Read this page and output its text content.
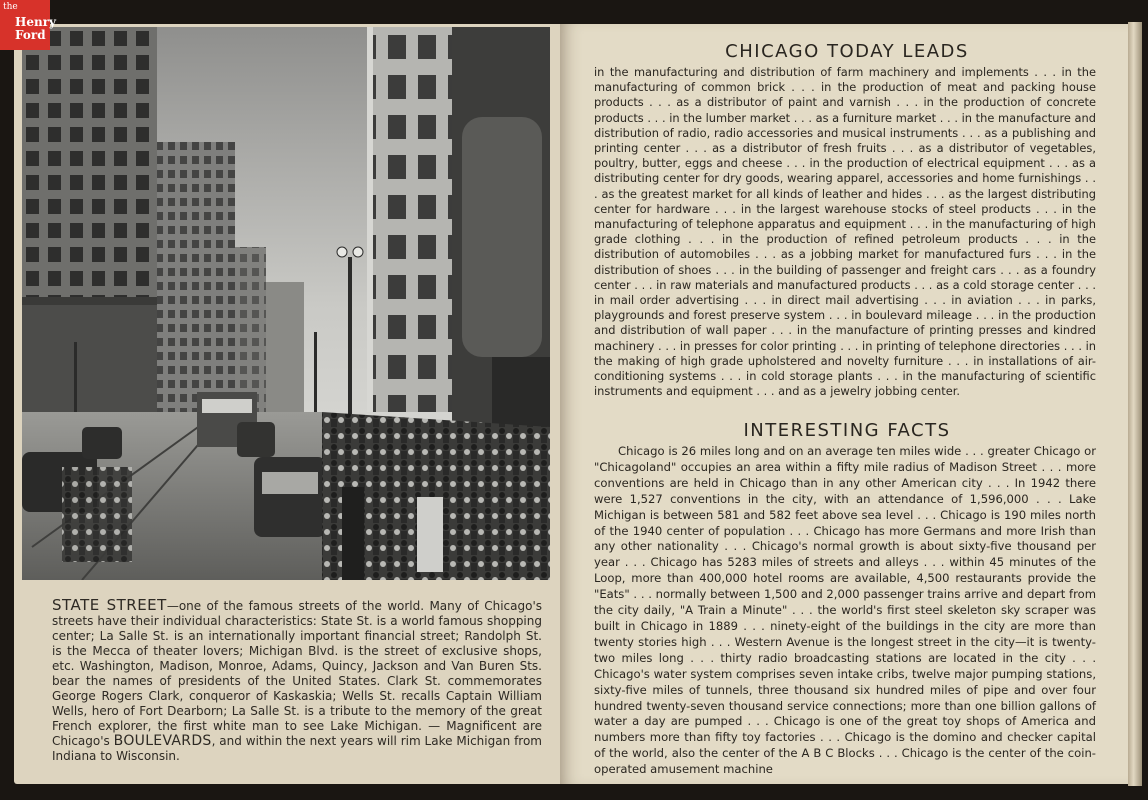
the
Henry
Ford
STATE STREET—one of the famous streets of the world. Many of Chicago's streets have their individual characteristics: State St. is a world famous shopping center; La Salle St. is an internationally important financial street; Randolph St. is the Mecca of theater lovers; Michigan Blvd. is the street of exclusive shops, etc. Washington, Madison, Monroe, Adams, Quincy, Jackson and Van Buren Sts. bear the names of presidents of the United States. Clark St. commemorates George Rogers Clark, conqueror of Kaskaskia; Wells St. recalls Captain William Wells, hero of Fort Dearborn; La Salle St. is a tribute to the memory of the great French explorer, the first white man to see Lake Michigan. — Magnificent are Chicago's BOULEVARDS, and within the next years will rim Lake Michigan from Indiana to Wisconsin.
CHICAGO TODAY LEADS
in the manufacturing and distribution of farm machinery and implements . . . in the manufacturing of common brick . . . in the production of meat and packing house products . . . as a distributor of paint and varnish . . . in the production of concrete products . . . in the lumber market . . . as a furniture market . . . in the manufacture and distribution of radio, radio accessories and musical instruments . . . as a publishing and printing center . . . as a distributor of fresh fruits . . . as a distributor of vegetables, poultry, butter, eggs and cheese . . . in the production of electrical equipment . . . as a distributing center for dry goods, wearing apparel, accessories and home furnishings . . . as the greatest market for all kinds of leather and hides . . . as the largest distributing center for hardware . . . in the largest warehouse stocks of steel products . . . in the manufacturing of telephone apparatus and equipment . . . in the manufacturing of high grade clothing . . . in the production of refined petroleum products . . . in the distribution of automobiles . . . as a jobbing market for manufactured furs . . . in the distribution of shoes . . . in the building of passenger and freight cars . . . as a foundry center . . . in raw materials and manufactured products . . . as a cold storage center . . . in mail order advertising . . . in direct mail advertising . . . in aviation . . . in parks, playgrounds and forest preserve system . . . in boulevard mileage . . . in the production and distribution of wall paper . . . in the manufacture of printing presses and kindred machinery . . . in presses for color printing . . . in printing of telephone directories . . . in the making of high grade upholstered and novelty furniture . . . in installations of air-conditioning systems . . . in cold storage plants . . . in the manufacturing of scientific instruments and equipment . . . and as a jewelry jobbing center.
INTERESTING FACTS
Chicago is 26 miles long and on an average ten miles wide . . . greater Chicago or "Chicagoland" occupies an area within a fifty mile radius of Madison Street . . . more conventions are held in Chicago than in any other American city . . . In 1942 there were 1,527 conventions in the city, with an attendance of 1,596,000 . . . Lake Michigan is between 581 and 582 feet above sea level . . . Chicago is 190 miles north of the 1940 center of population . . . Chicago has more Germans and more Irish than any other nationality . . . Chicago's normal growth is about sixty-five thousand per year . . . Chicago has 5283 miles of streets and alleys . . . within 45 minutes of the Loop, more than 400,000 hotel rooms are available, 4,500 restaurants provide the "Eats" . . . normally between 1,500 and 2,000 passenger trains arrive and depart from the city daily, "A Train a Minute" . . . the world's first steel skeleton sky scraper was built in Chicago in 1889 . . . ninety-eight of the buildings in the city are more than twenty stories high . . . Western Avenue is the longest street in the city—it is twenty-two miles long . . . thirty radio broadcasting stations are located in the city . . . Chicago's water system comprises seven intake cribs, twelve major pumping stations, sixty-five miles of tunnels, three thousand six hundred miles of pipe and over four hundred twenty-seven thousand service connections; more than one billion gallons of water a day are pumped . . . Chicago is one of the great toy shops of America and numbers more than fifty toy factories . . . Chicago is the domino and checker capital of the world, also the center of the A B C Blocks . . . Chicago is the center of the coin-operated amusement machine
